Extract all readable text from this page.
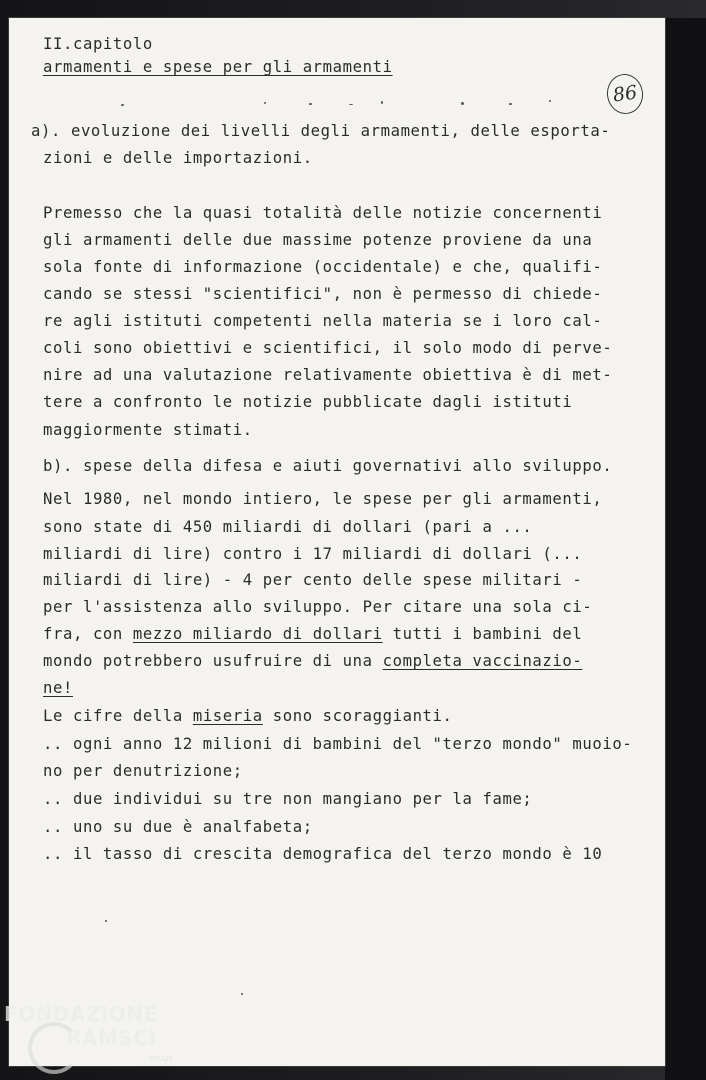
II.capitolo
armamenti e spese per gli armamenti
86
a). evoluzione dei livelli degli armamenti, delle esporta-
zioni e delle importazioni.
Premesso che la quasi totalità delle notizie concernenti
gli armamenti delle due massime potenze proviene da una
sola fonte di informazione (occidentale) e che, qualifi-
cando se stessi "scientifici", non è permesso di chiede-
re agli istituti competenti nella materia se i loro cal-
coli sono obiettivi e scientifici, il solo modo di perve-
nire ad una valutazione relativamente obiettiva è di met-
tere a confronto le notizie pubblicate dagli istituti
maggiormente stimati.
b). spese della difesa e aiuti governativi allo sviluppo.
Nel 1980, nel mondo intiero, le spese per gli armamenti,
sono state di 450 miliardi di dollari (pari a ...
miliardi di lire) contro i 17 miliardi di dollari (...
miliardi di lire) - 4 per cento delle spese militari -
per l'assistenza allo sviluppo. Per citare una sola ci-
fra, con mezzo miliardo di dollari tutti i bambini del
mondo potrebbero usufruire di una completa vaccinazio-
ne!
Le cifre della miseria sono scoraggianti.
.. ogni anno 12 milioni di bambini del "terzo mondo" muoio-
no per denutrizione;
.. due individui su tre non mangiano per la fame;
.. uno su due è analfabeta;
.. il tasso di crescita demografica del terzo mondo è 10
FONDAZIONE
RAMSCI
onlus
